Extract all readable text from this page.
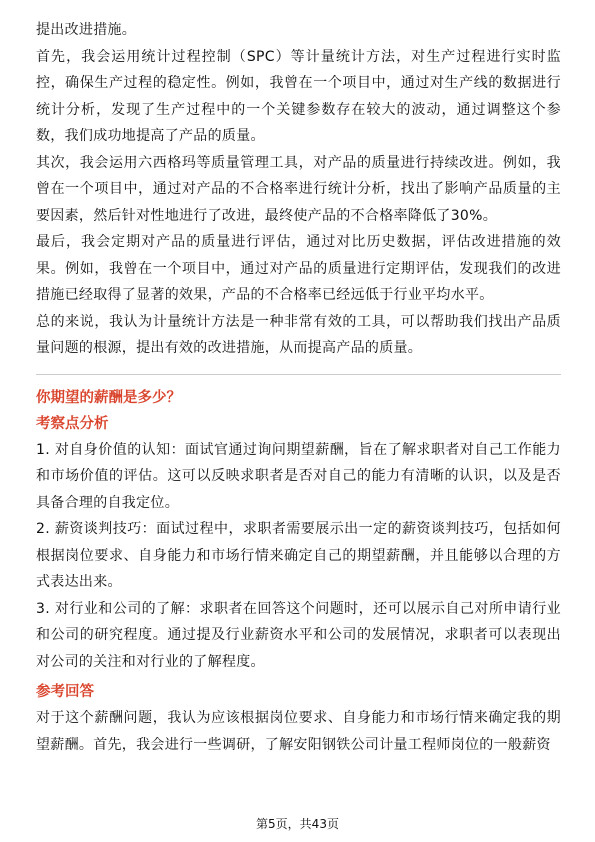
提出改进措施。

首先，我会运用统计过程控制（SPC）等计量统计方法，对生产过程进行实时监控，确保生产过程的稳定性。例如，我曾在一个项目中，通过对生产线的数据进行统计分析，发现了生产过程中的一个关键参数存在较大的波动，通过调整这个参数，我们成功地提高了产品的质量。

其次，我会运用六西格玛等质量管理工具，对产品的质量进行持续改进。例如，我曾在一个项目中，通过对产品的不合格率进行统计分析，找出了影响产品质量的主要因素，然后针对性地进行了改进，最终使产品的不合格率降低了30%。

最后，我会定期对产品的质量进行评估，通过对比历史数据，评估改进措施的效果。例如，我曾在一个项目中，通过对产品的质量进行定期评估，发现我们的改进措施已经取得了显著的效果，产品的不合格率已经远低于行业平均水平。

总的来说，我认为计量统计方法是一种非常有效的工具，可以帮助我们找出产品质量问题的根源，提出有效的改进措施，从而提高产品的质量。

你期望的薪酬是多少？

考察点分析

1. 对自身价值的认知：面试官通过询问期望薪酬，旨在了解求职者对自己工作能力和市场价值的评估。这可以反映求职者是否对自己的能力有清晰的认识，以及是否具备合理的自我定位。

2. 薪资谈判技巧：面试过程中，求职者需要展示出一定的薪资谈判技巧，包括如何根据岗位要求、自身能力和市场行情来确定自己的期望薪酬，并且能够以合理的方式表达出来。

3. 对行业和公司的了解：求职者在回答这个问题时，还可以展示自己对所申请行业和公司的研究程度。通过提及行业薪资水平和公司的发展情况，求职者可以表现出对公司的关注和对行业的了解程度。

参考回答

对于这个薪酬问题，我认为应该根据岗位要求、自身能力和市场行情来确定我的期望薪酬。首先，我会进行一些调研，了解安阳钢铁公司计量工程师岗位的一般薪资

第5页，共43页
